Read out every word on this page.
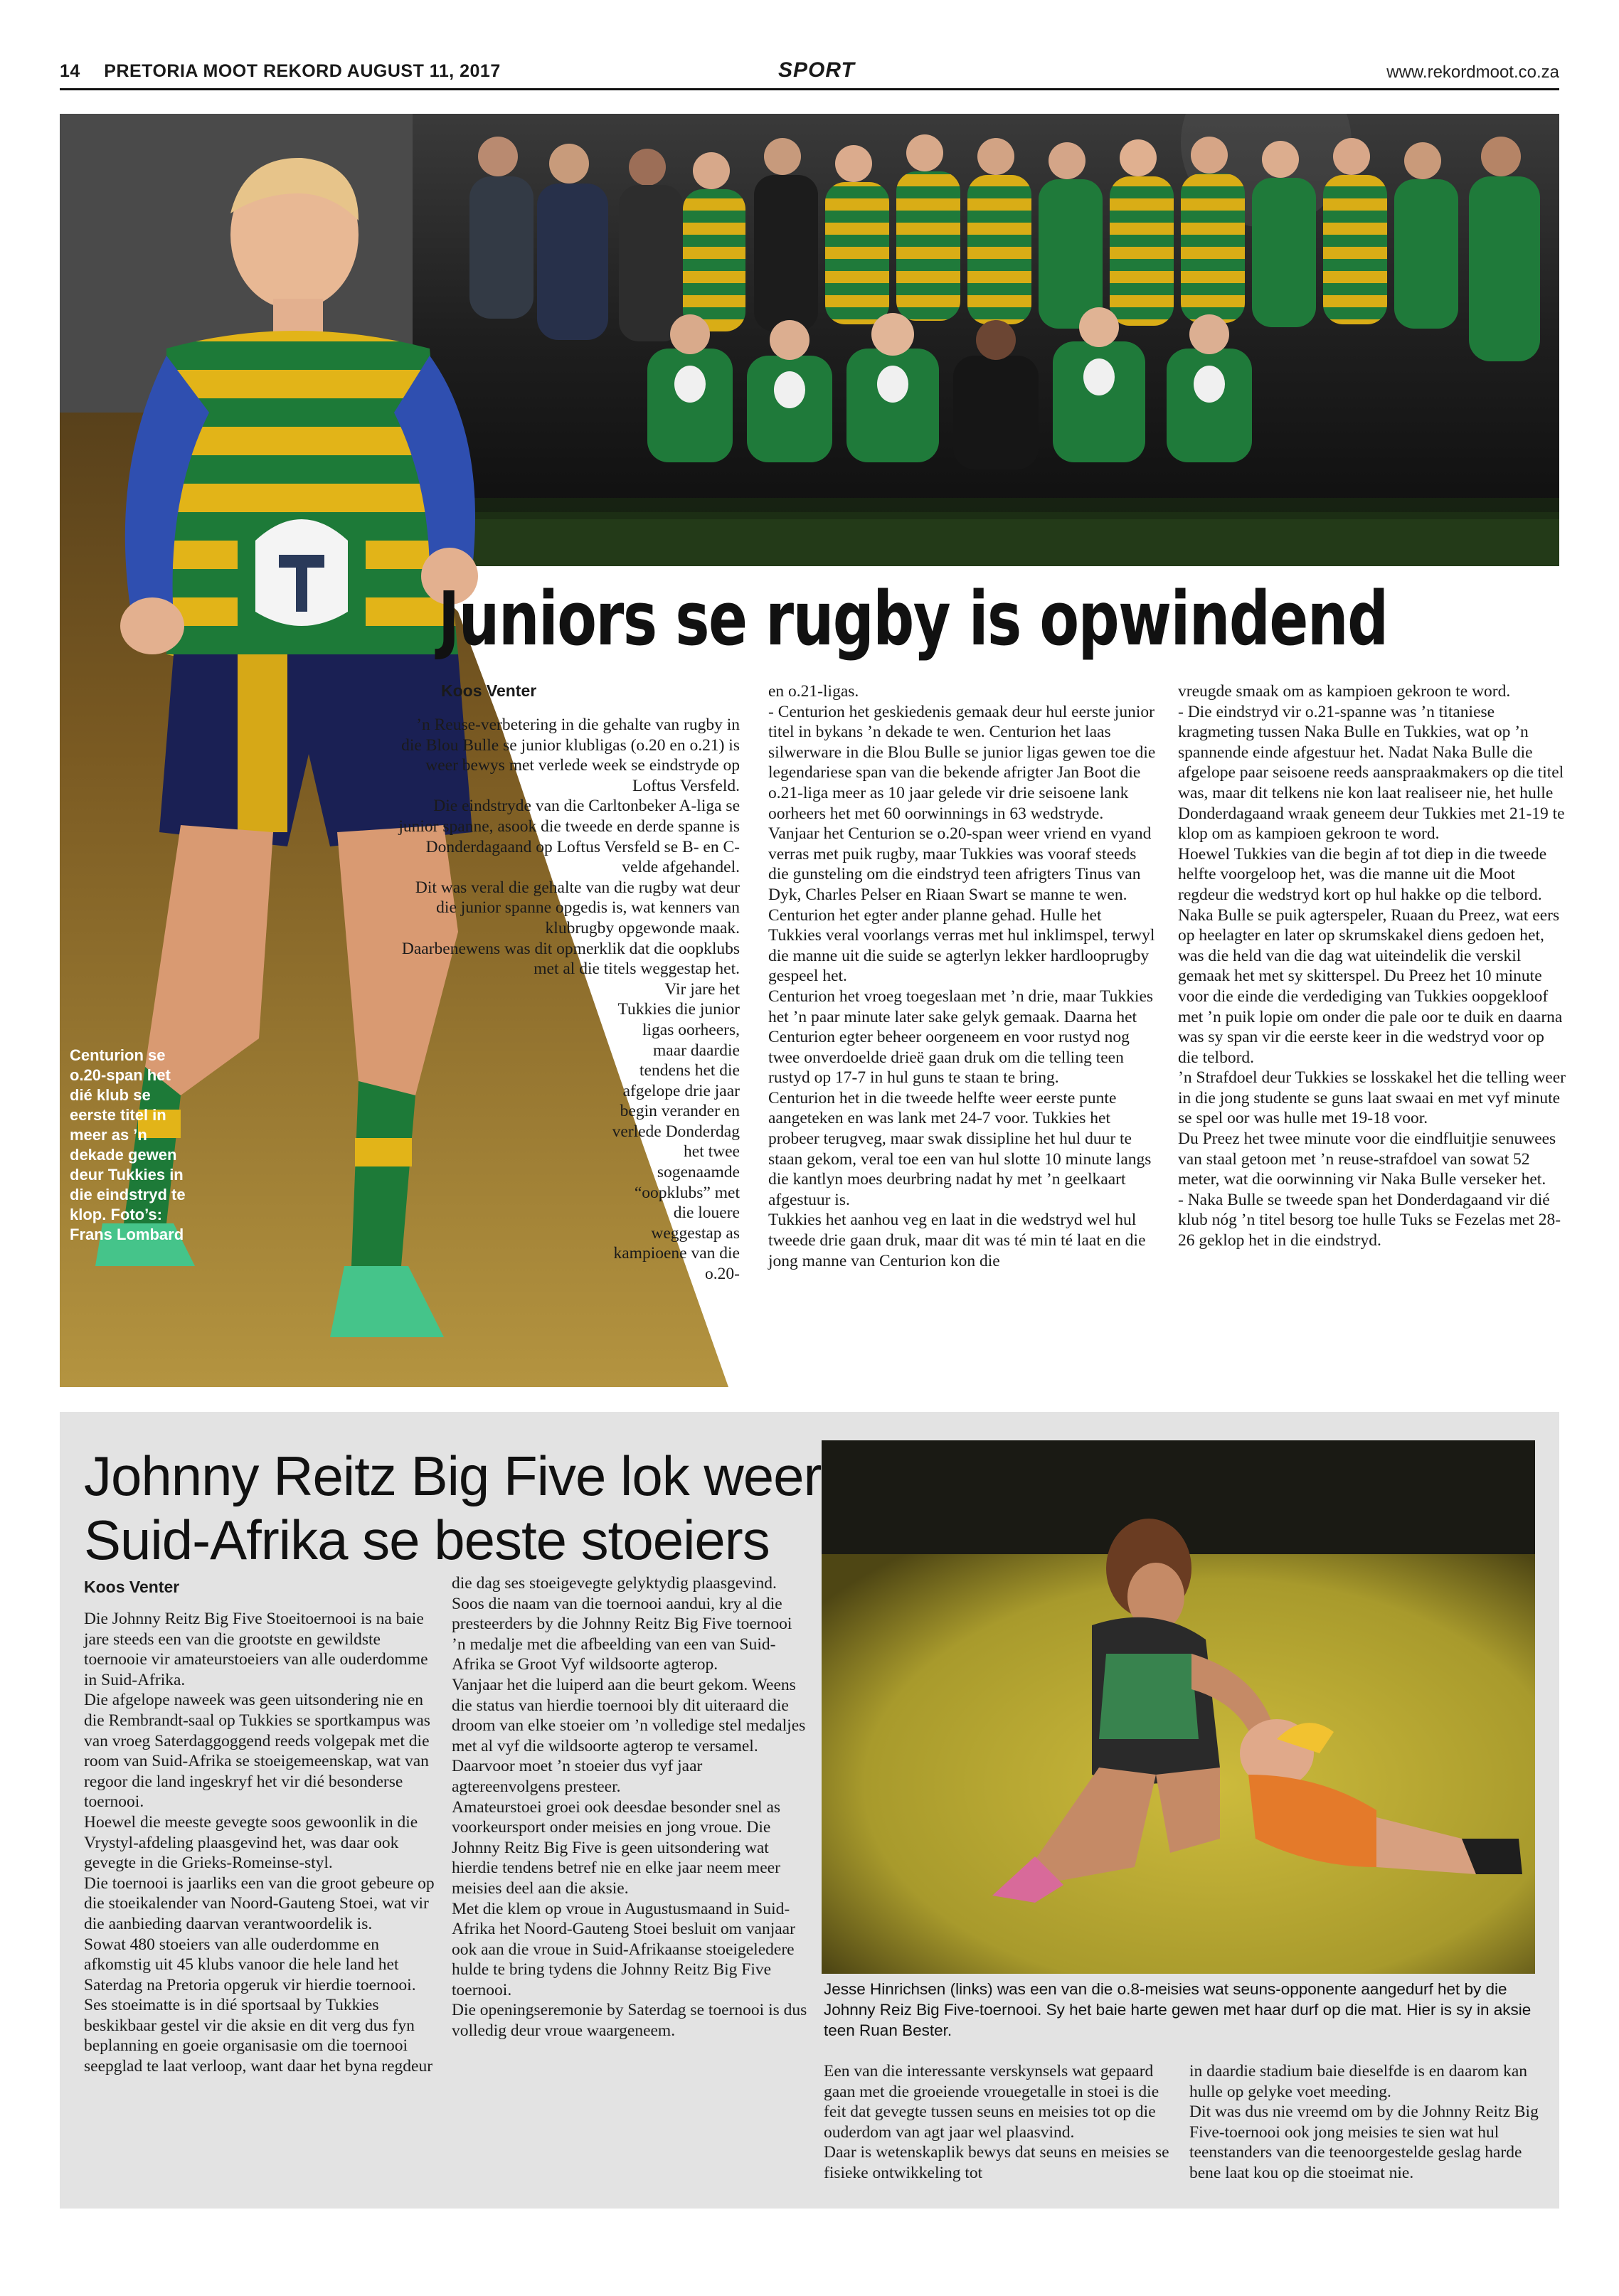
14 PRETORIA MOOT REKORD AUGUST 11, 2017	SPORT	www.rekordmoot.co.za
Centurion se o.20-span het dié klub se eerste titel in meer as ’n dekade gewen deur Tukkies in die eindstryd te klop. Foto’s: Frans Lombard
Juniors se rugby is opwindend
Koos Venter

’n Reuse-verbetering in die gehalte van rugby in die Blou Bulle se junior klubligas (o.20 en o.21) is weer bewys met verlede week se eindstryde op Loftus Versfeld.

Die eindstryde van die Carltonbeker A-liga se junior spanne, asook die tweede en derde spanne is Donderdagaand op Loftus Versfeld se B- en C-velde afgehandel.

Dit was veral die gehalte van die rugby wat deur die junior spanne opgedis is, wat kenners van klubrugby opgewonde maak.

Daarbenewens was dit opmerklik dat die oopklubs met al die titels weggestap het.

Vir jare het Tukkies die junior ligas oorheers, maar daardie tendens het die afgelope drie jaar begin verander en verlede Donderdag het twee sogenaamde “oopklubs” met die louere weggestap as kampioene van die o.20-

en o.21-ligas.

- Centurion het geskiedenis gemaak deur hul eerste junior titel in bykans ’n dekade te wen. Centurion het laas silwerware in die Blou Bulle se junior ligas gewen toe die legendariese span van die bekende afrigter Jan Boot die o.21-liga meer as 10 jaar gelede vir drie seisoene lank oorheers het met 60 oorwinnings in 63 wedstryde.

Vanjaar het Centurion se o.20-span weer vriend en vyand verras met puik rugby, maar Tukkies was vooraf steeds die gunsteling om die eindstryd teen afrigters Tinus van Dyk, Charles Pelser en Riaan Swart se manne te wen.

Centurion het egter ander planne gehad. Hulle het Tukkies veral voorlangs verras met hul inklimspel, terwyl die manne uit die suide se agterlyn lekker hardlooprugby gespeel het.

Centurion het vroeg toegeslaan met ’n drie, maar Tukkies het ’n paar minute later sake gelyk gemaak. Daarna het Centurion egter beheer oorgeneem en voor rustyd nog twee onverdoelde drieë gaan druk om die telling teen rustyd op 17-7 in hul guns te staan te bring.

Centurion het in die tweede helfte weer eerste punte aangeteken en was lank met 24-7 voor. Tukkies het probeer terugveg, maar swak dissipline het hul duur te staan gekom, veral toe een van hul slotte 10 minute langs die kantlyn moes deurbring nadat hy met ’n geelkaart afgestuur is.

Tukkies het aanhou veg en laat in die wedstryd wel hul tweede drie gaan druk, maar dit was té min té laat en die jong manne van Centurion kon die

vreugde smaak om as kampioen gekroon te word.

- Die eindstryd vir o.21-spanne was ’n titaniese kragmeting tussen Naka Bulle en Tukkies, wat op ’n spannende einde afgestuur het. Nadat Naka Bulle die afgelope paar seisoene reeds aanspraakmakers op die titel was, maar dit telkens nie kon laat realiseer nie, het hulle Donderdagaand wraak geneem deur Tukkies met 21-19 te klop om as kampioen gekroon te word.

Hoewel Tukkies van die begin af tot diep in die tweede helfte voorgeloop het, was die manne uit die Moot regdeur die wedstryd kort op hul hakke op die telbord.

Naka Bulle se puik agterspeler, Ruaan du Preez, wat eers op heelagter en later op skrumskakel diens gedoen het, was die held van die dag wat uiteindelik die verskil gemaak het met sy skitterspel. Du Preez het 10 minute voor die einde die verdediging van Tukkies oopgekloof met ’n puik lopie om onder die pale oor te duik en daarna was sy span vir die eerste keer in die wedstryd voor op die telbord.

’n Strafdoel deur Tukkies se losskakel het die telling weer in die jong studente se guns laat swaai en met vyf minute se spel oor was hulle met 19-18 voor.

Du Preez het twee minute voor die eindfluitjie senuwees van staal getoon met ’n reuse-strafdoel van sowat 52 meter, wat die oorwinning vir Naka Bulle verseker het.

- Naka Bulle se tweede span het Donderdagaand vir dié klub nóg ’n titel besorg toe hulle Tuks se Fezelas met 28-26 geklop het in die eindstryd.

Johnny Reitz Big Five lok weer Suid-Afrika se beste stoeiers
Koos Venter

Die Johnny Reitz Big Five Stoeitoernooi is na baie jare steeds een van die grootste en gewildste toernooie vir amateurstoeiers van alle ouderdomme in Suid-Afrika.

Die afgelope naweek was geen uitsondering nie en die Rembrandt-saal op Tukkies se sportkampus was van vroeg Saterdaggoggend reeds volgepak met die room van Suid-Afrika se stoeigemeenskap, wat van regoor die land ingeskryf het vir dié besonderse toernooi.

Hoewel die meeste gevegte soos gewoonlik in die Vrystyl-afdeling plaasgevind het, was daar ook gevegte in die Grieks-Romeinse-styl.

Die toernooi is jaarliks een van die groot gebeure op die stoeikalender van Noord-Gauteng Stoei, wat vir die aanbieding daarvan verantwoordelik is.

Sowat 480 stoeiers van alle ouderdomme en afkomstig uit 45 klubs vanoor die hele land het Saterdag na Pretoria opgeruk vir hierdie toernooi.

Ses stoeimatte is in dié sportsaal by Tukkies beskikbaar gestel vir die aksie en dit verg dus fyn beplanning en goeie organisasie om die toernooi seepglad te laat verloop, want daar het byna regdeur

die dag ses stoeigevegte gelyktydig plaasgevind.

Soos die naam van die toernooi aandui, kry al die presteerders by die Johnny Reitz Big Five toernooi ’n medalje met die afbeelding van een van Suid-Afrika se Groot Vyf wildsoorte agterop.

Vanjaar het die luiperd aan die beurt gekom. Weens die status van hierdie toernooi bly dit uiteraard die droom van elke stoeier om ’n volledige stel medaljes met al vyf die wildsoorte agterop te versamel.

Daarvoor moet ’n stoeier dus vyf jaar agtereenvolgens presteer.

Amateurstoei groei ook deesdae besonder snel as voorkeursport onder meisies en jong vroue. Die Johnny Reitz Big Five is geen uitsondering wat hierdie tendens betref nie en elke jaar neem meer meisies deel aan die aksie.

Met die klem op vroue in Augustusmaand in Suid-Afrika het Noord-Gauteng Stoei besluit om vanjaar ook aan die vroue in Suid-Afrikaanse stoeigeledere hulde te bring tydens die Johnny Reitz Big Five toernooi.

Die openingseremonie by Saterdag se toernooi is dus volledig deur vroue waargeneem.

Jesse Hinrichsen (links) was een van die o.8-meisies wat seuns-opponente aangedurf het by die Johnny Reiz Big Five-toernooi. Sy het baie harte gewen met haar durf op die mat. Hier is sy in aksie teen Ruan Bester.

Een van die interessante verskynsels wat gepaard gaan met die groeiende vrouegetalle in stoei is die feit dat gevegte tussen seuns en meisies tot op die ouderdom van agt jaar wel plaasvind.

Daar is wetenskaplik bewys dat seuns en meisies se fisieke ontwikkeling tot

in daardie stadium baie dieselfde is en daarom kan hulle op gelyke voet meeding.

Dit was dus nie vreemd om by die Johnny Reitz Big Five-toernooi ook jong meisies te sien wat hul teenstanders van die teenoorgestelde geslag harde bene laat kou op die stoeimat nie.
